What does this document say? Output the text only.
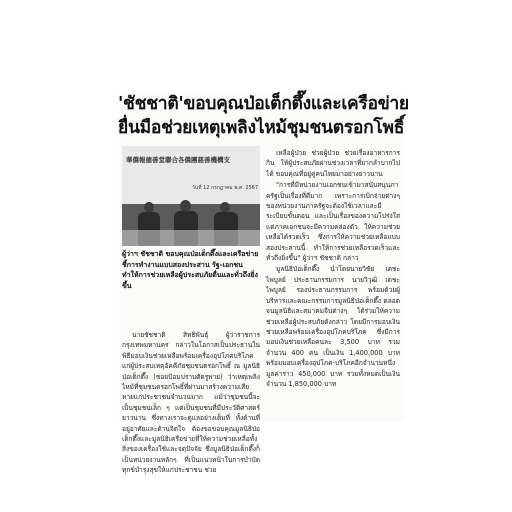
'ชัชชาติ'ขอบคุณป่อเต็กตึ๊งและเครือข่าย
ยื่นมือช่วยเหตุเพลิงไหม้ชุมชนตรอกโพธิ์
華僑報德善堂聯合各僑團慈善機構支
วันที่ 12 กรกฎาคม พ.ศ. 2567
ผู้ว่าฯ ชัชชาติ ขอบคุณป่อเต็กตึ๊งและเครือข่าย ชี้การทำงานแบบสองประสาน รัฐ-เอกชน ทำให้การช่วยเหลือผู้ประสบภัยตื่นและทั่วถึงยิ่งขึ้น

นายชัชชาติ สิทธิพันธุ์ ผู้ว่าราชการกรุงเทพมหานคร กล่าวในโอกาสเป็นประธานในพิธีมอบเงินช่วยเหลือพร้อมเครื่องอุปโภคบริโภคแก่ผู้ประสบเหตุอัคคีภัยชุมชนตรอกโพธิ์ ณ มูลนิธิป่อเต็กตึ๊ง (ซอยป้อมปราบศัตรูพ่าย) ว่าเหตุเพลิงไหม้ที่ชุมชนตรอกโพธิ์ที่ผ่านมาสร้างความเสียหายแก่ประชาชนจำนวนมาก แม้ว่าชุมชนนี้จะเป็นชุมชนเล็ก ๆ แต่เป็นชุมชนที่มีประวัติศาสตร์ยาวนาน ซึ่งทางเราจะดูแลอย่างเต็มที่ ทั้งด้านที่อยู่อาศัยและด้านจิตใจ ต้องขอขอบคุณมูลนิธิป่อเต็กตึ๊งและมูลนิธิเครือข่ายที่ให้ความช่วยเหลือทั้งสิ่งของเครื่องใช้และจตุปัจจัย ซึ่งมูลนิธิป่อเต็กตึ๊งก็เป็นหน่วยงานหลักๆ ที่เป็นแนวหน้าในการบำบัดทุกข์บำรุงสุขให้แก่ประชาชน ช่วย

เหลือผู้ป่วย ช่วยผู้ป่วย ช่วยเรื่องอาหารการกิน ให้ผู้ประสบภัยผ่านช่วงเวลาที่ยากลำบากไปได้ ขอบคุณที่อยู่คู่คนไทยมาอย่างยาวนาน

"การที่มีหน่วยงานเอกชนเข้ามาสนับสนุนภาครัฐเป็นเรื่องที่ดีมาก เพราะการเบิกจ่ายต่างๆ ของหน่วยงานภาครัฐจะต้องใช้เวลาและมีระเบียบขั้นตอน และเป็นเรื่องของความโปร่งใส แต่ภาคเอกชนจะมีความคล่องตัว ให้ความช่วยเหลือได้รวดเร็ว ซึ่งการให้ความช่วยเหลือแบบสองประสานนี้ ทำให้การช่วยเหลือรวดเร็วและทั่วถึงยิ่งขึ้น" ผู้ว่าฯ ชัชชาติ กล่าว

มูลนิธิป่อเต็กตึ๊ง นำโดยนายวิชัย เตชะไพบูลย์ ประธานกรรมการ นายวิวุฒิ เตชะไพบูลย์ รองประธานกรรมการ พร้อมด้วยผู้บริหารและคณะกรรมการมูลนิธิป่อเต็กตึ๊ง ตลอดจนมูลนิธิและสมาคมจีนต่างๆ ได้ร่วมให้ความช่วยเหลือผู้ประสบภัยดังกล่าว โดยมีการมอบเงินช่วยเหลือพร้อมเครื่องอุปโภคบริโภค ซึ่งมีการมอบเงินช่วยเหลือคนละ 3,500 บาท รวมจำนวน 400 คน เป็นเงิน 1,400,000 บาท พร้อมมอบเครื่องอุปโภค-บริโภคอีกจำนวนหนึ่ง มูลค่าราว 450,000 บาท รวมทั้งหมดเป็นเงินจำนวน 1,850,000 บาท
